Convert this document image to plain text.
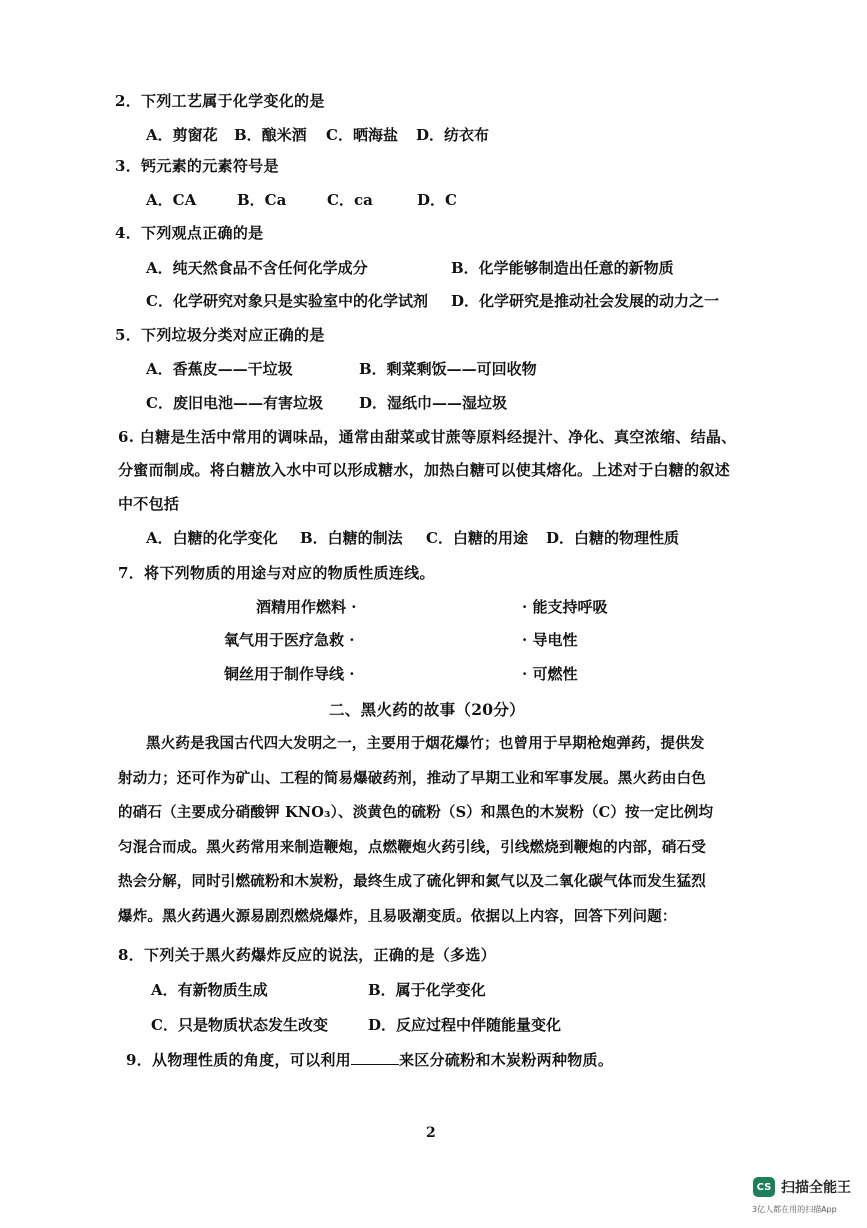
2．下列工艺属于化学变化的是
A．剪窗花 B．酿米酒 C．晒海盐 D．纺衣布
3．钙元素的元素符号是
A．CA	B．Ca	C．ca	D．C
4．下列观点正确的是
A．纯天然食品不含任何化学成分	B．化学能够制造出任意的新物质
C．化学研究对象只是实验室中的化学试剂 D．化学研究是推动社会发展的动力之一
5．下列垃圾分类对应正确的是
A．香蕉皮——干垃圾	B．剩菜剩饭——可回收物
C．废旧电池——有害垃圾 D．湿纸巾——湿垃圾
6. 白糖是生活中常用的调味品，通常由甜菜或甘蔗等原料经提汁、净化、真空浓缩、结晶、
分蜜而制成。将白糖放入水中可以形成糖水，加热白糖可以使其熔化。上述对于白糖的叙述
中不包括
A．白糖的化学变化 B．白糖的制法 C．白糖的用途 D．白糖的物理性质
7．将下列物质的用途与对应的物质性质连线。
酒精用作燃料 ·
氧气用于医疗急救 ·
铜丝用于制作导线 ·
· 能支持呼吸
· 导电性
· 可燃性
二、黑火药的故事（20分）
黑火药是我国古代四大发明之一，主要用于烟花爆竹；也曾用于早期枪炮弹药，提供发
射动力；还可作为矿山、工程的简易爆破药剂，推动了早期工业和军事发展。黑火药由白色
的硝石（主要成分硝酸钾 KNO₃）、淡黄色的硫粉（S）和黑色的木炭粉（C）按一定比例均
匀混合而成。黑火药常用来制造鞭炮，点燃鞭炮火药引线，引线燃烧到鞭炮的内部，硝石受
热会分解，同时引燃硫粉和木炭粉，最终生成了硫化钾和氮气以及二氧化碳气体而发生猛烈
爆炸。黑火药遇火源易剧烈燃烧爆炸，且易吸潮变质。依据以上内容，回答下列问题：
8．下列关于黑火药爆炸反应的说法，正确的是（多选）
A．有新物质生成	B．属于化学变化
C．只是物质状态发生改变	D．反应过程中伴随能量变化
9．从物理性质的角度，可以利用	来区分硫粉和木炭粉两种物质。
2
CS 扫描全能王
3亿人都在用的扫描App
